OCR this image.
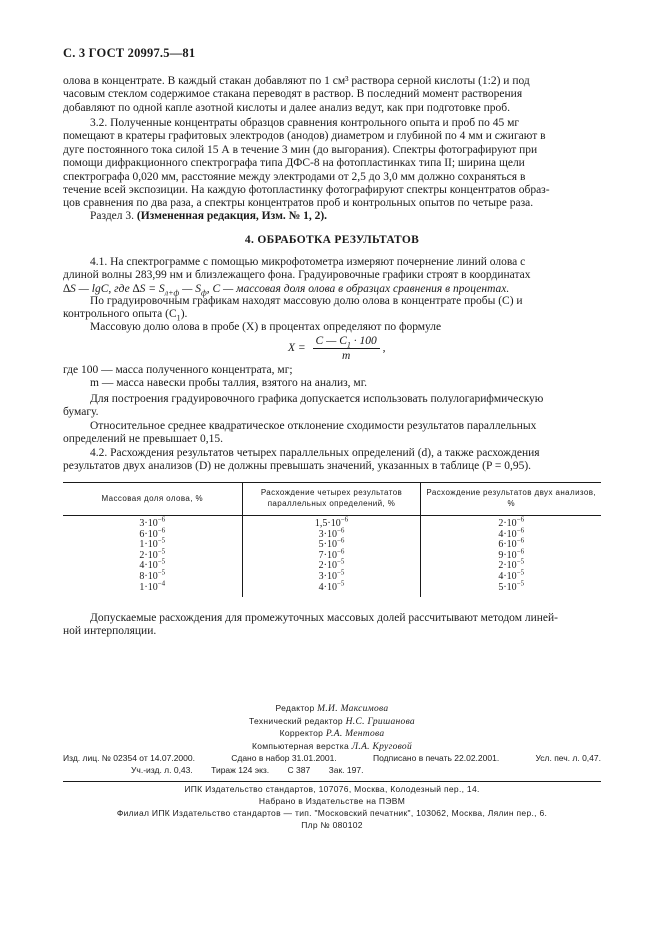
С. 3 ГОСТ 20997.5—81
олова в концентрате. В каждый стакан добавляют по 1 см³ раствора серной кислоты (1:2) и под
часовым стеклом содержимое стакана переводят в раствор. В последний момент растворения
добавляют по одной капле азотной кислоты и далее анализ ведут, как при подготовке проб.
3.2. Полученные концентраты образцов сравнения контрольного опыта и проб по 45 мг
помещают в кратеры графитовых электродов (анодов) диаметром и глубиной по 4 мм и сжигают в
дуге постоянного тока силой 15 А в течение 3 мин (до выгорания). Спектры фотографируют при
помощи дифракционного спектрографа типа ДФС-8 на фотопластинках типа II; ширина щели
спектрографа 0,020 мм, расстояние между электродами от 2,5 до 3,0 мм должно сохраняться в
течение всей экспозиции. На каждую фотопластинку фотографируют спектры концентратов образ-
цов сравнения по два раза, а спектры концентратов проб и контрольных опытов по четыре раза.
Раздел 3. (Измененная редакция, Изм. № 1, 2).
4. ОБРАБОТКА РЕЗУЛЬТАТОВ
4.1. На спектрограмме с помощью микрофотометра измеряют почернение линий олова с
длиной волны 283,99 нм и близлежащего фона. Градуировочные графики строят в координатах
∆S — lgC, где $\Delta S = S_{л+ф}$ — $S_ф$, C — массовая доля олова в образцах сравнения в процентах.
По градуировочным графикам находят массовую долю олова в концентрате пробы (C) и
контрольного опыта $(C_1)$.
Массовую долю олова в пробе (X) в процентах определяют по формуле
$X = \frac{C — C_1 \cdot 100}{m}$ ,
где 100 — масса полученного концентрата, мг;
m — масса навески пробы таллия, взятого на анализ, мг.
Для построения градуировочного графика допускается использовать полулогарифмическую
бумагу.
Относительное среднее квадратическое отклонение сходимости результатов параллельных
определений не превышает 0,15.
4.2. Расхождения результатов четырех параллельных определений (d), а также расхождения
результатов двух анализов (D) не должны превышать значений, указанных в таблице (P = 0,95).
Массовая доля олова, %	Расхождение четырех результатов параллельных определений, %	Расхождение результатов двух анализов, %
$3\cdot 10^{-6}$	$1,5\cdot 10^{-6}$	$2\cdot 10^{-6}$
$6\cdot 10^{-6}$	$3\cdot 10^{-6}$	$4\cdot 10^{-6}$
$1\cdot 10^{-5}$	$5\cdot 10^{-6}$	$6\cdot 10^{-6}$
$2\cdot 10^{-5}$	$7\cdot 10^{-6}$	$9\cdot 10^{-6}$
$4\cdot 10^{-5}$	$2\cdot 10^{-5}$	$2\cdot 10^{-5}$
$8\cdot 10^{-5}$	$3\cdot 10^{-5}$	$4\cdot 10^{-5}$
$1\cdot 10^{-4}$	$4\cdot 10^{-5}$	$5\cdot 10^{-5}$
Допускаемые расхождения для промежуточных массовых долей рассчитывают методом линей-
ной интерполяции.
Редактор М.И. Максимова
Технический редактор Н.С. Гришанова
Корректор Р.А. Ментова
Компьютерная верстка Л.А. Круговой
Изд. лиц. № 02354 от 14.07.2000.	Сдано в набор 31.01.2001.	Подписано в печать 22.02.2001.	Усл. печ. л. 0,47.
Уч.-изд. л. 0,43. Тираж 124 экз. С 387 Зак. 197.
ИПК Издательство стандартов, 107076, Москва, Колодезный пер., 14.
Набрано в Издательстве на ПЭВМ
Филиал ИПК Издательство стандартов — тип. "Московский печатник", 103062, Москва, Лялин пер., 6.
Плр № 080102
